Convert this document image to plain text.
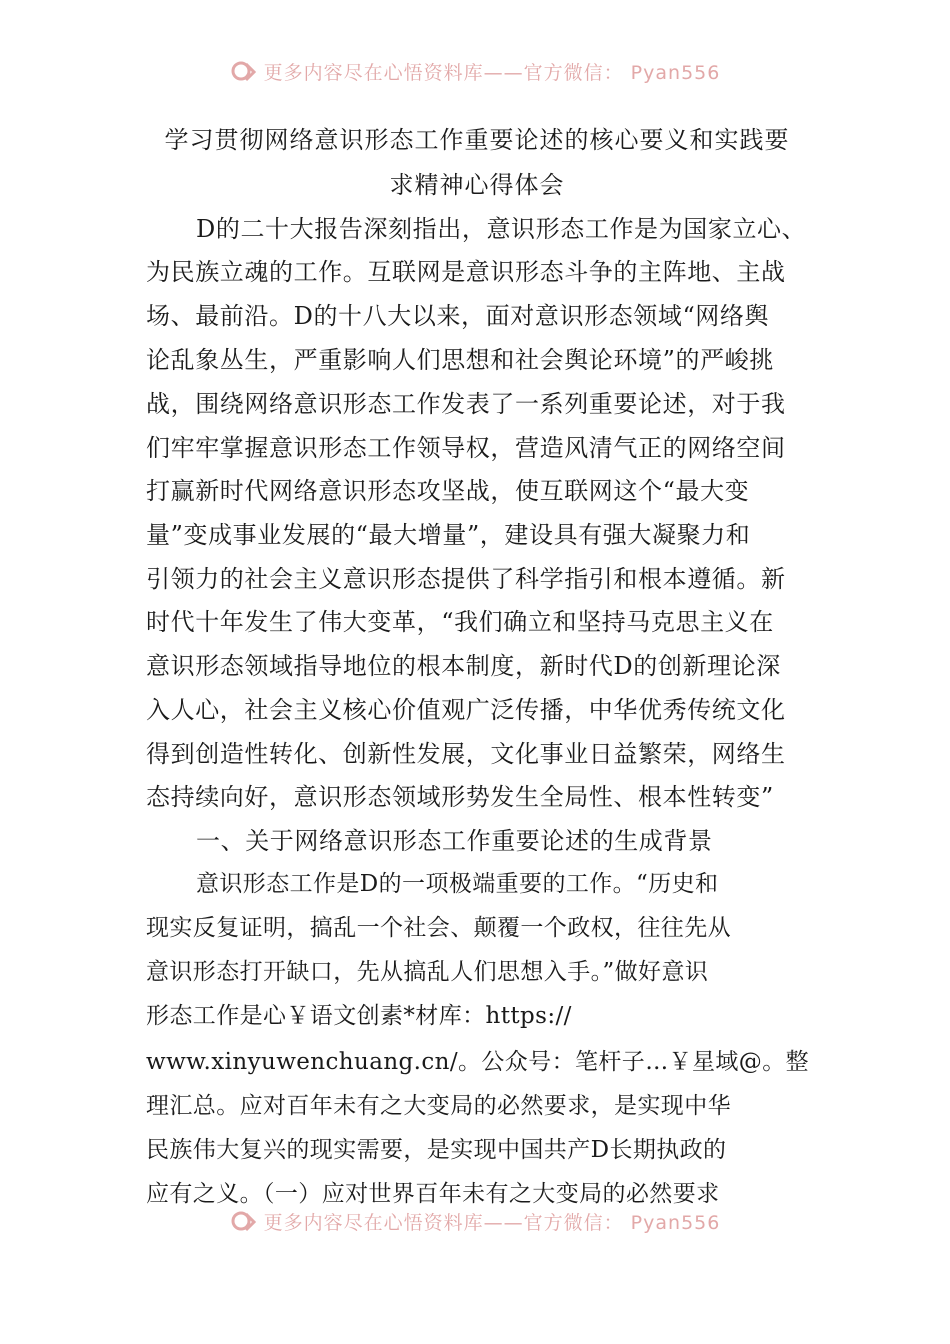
更多内容尽在心悟资料库——官方微信： Pyan556
学习贯彻网络意识形态工作重要论述的核心要义和实践要
求精神心得体会
D的二十大报告深刻指出，意识形态工作是为国家立心、
为民族立魂的工作。互联网是意识形态斗争的主阵地、主战
场、最前沿。D的十八大以来，面对意识形态领域“网络舆
论乱象丛生，严重影响人们思想和社会舆论环境”的严峻挑
战，围绕网络意识形态工作发表了一系列重要论述，对于我
们牢牢掌握意识形态工作领导权，营造风清气正的网络空间
打赢新时代网络意识形态攻坚战，使互联网这个“最大变
量”变成事业发展的“最大增量”，建设具有强大凝聚力和
引领力的社会主义意识形态提供了科学指引和根本遵循。新
时代十年发生了伟大变革，“我们确立和坚持马克思主义在
意识形态领域指导地位的根本制度，新时代D的创新理论深
入人心，社会主义核心价值观广泛传播，中华优秀传统文化
得到创造性转化、创新性发展，文化事业日益繁荣，网络生
态持续向好，意识形态领域形势发生全局性、根本性转变”
一、关于网络意识形态工作重要论述的生成背景
意识形态工作是D的一项极端重要的工作。“历史和
现实反复证明，搞乱一个社会、颠覆一个政权，往往先从
意识形态打开缺口，先从搞乱人们思想入手。”做好意识
形态工作是心￥语文创素*材库：https://
www.xinyuwenchuang.cn/。公众号：笔杆子…￥星域@。整
理汇总。应对百年未有之大变局的必然要求，是实现中华
民族伟大复兴的现实需要，是实现中国共产D长期执政的
应有之义。（一）应对世界百年未有之大变局的必然要求
更多内容尽在心悟资料库——官方微信： Pyan556
